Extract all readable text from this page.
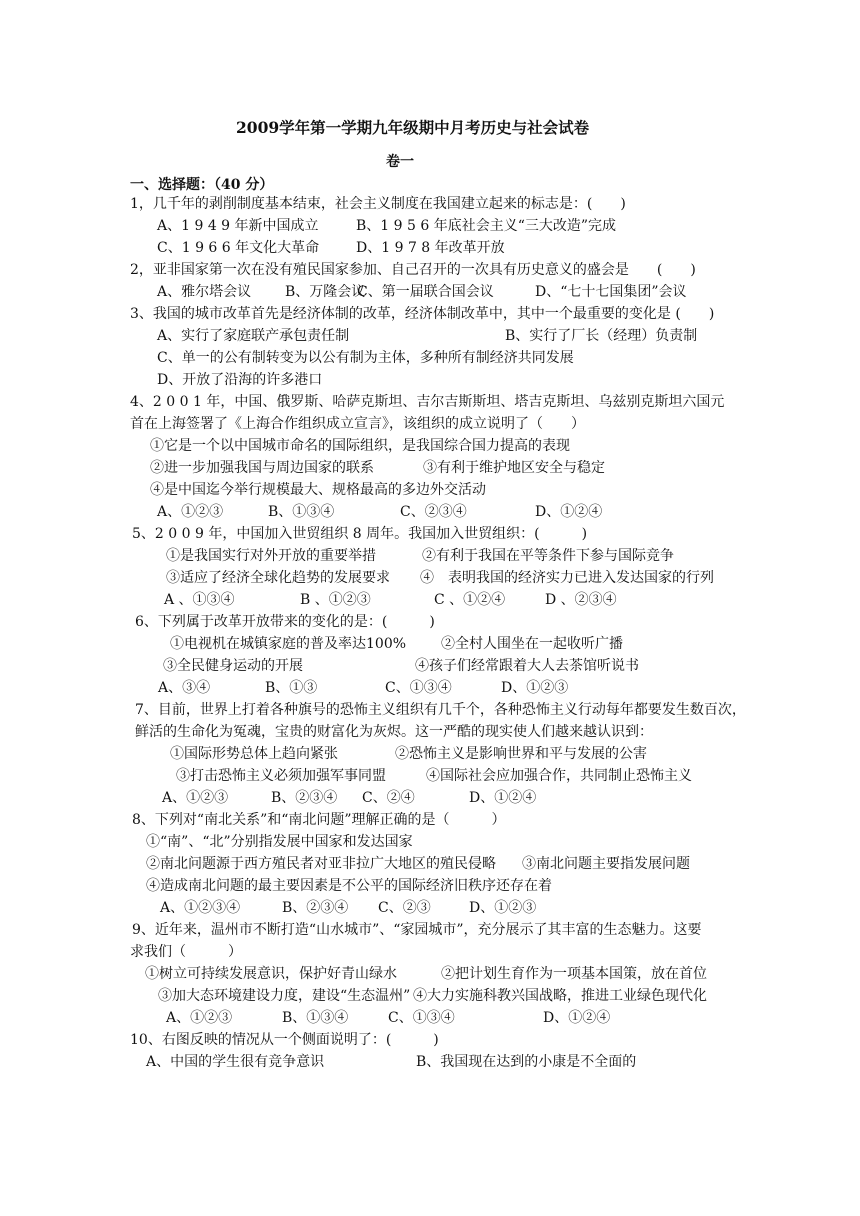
2009学年第一学期九年级期中月考历史与社会试卷
卷一
一、选择题：（40 分）
1，几千年的剥削制度基本结束，社会主义制度在我国建立起来的标志是：(　　)
A、1 9 4 9 年新中国成立	B、1 9 5 6 年底社会主义“三大改造”完成
C、1 9 6 6 年文化大革命	D、1 9 7 8 年改革开放
2，亚非国家第一次在没有殖民国家参加、自己召开的一次具有历史意义的盛会是　　(　　)
A、雅尔塔会议 B、万隆会议
C、第一届联合国会议	D、“七十七国集团”会议
3、我国的城市改革首先是经济体制的改革，经济体制改革中，其中一个最重要的变化是 (　　)
A、实行了家庭联产承包责任制	B、实行了厂长（经理）负责制
C、单一的公有制转变为以公有制为主体，多种所有制经济共同发展
D、开放了沿海的许多港口
4、2 0 0 1 年，中国、俄罗斯、哈萨克斯坦、吉尔吉斯斯坦、塔吉克斯坦、乌兹别克斯坦六国元
首在上海签署了《上海合作组织成立宣言》，该组织的成立说明了（　　）
①它是一个以中国城市命名的国际组织，是我国综合国力提高的表现
②进一步加强我国与周边国家的联系	③有利于维护地区安全与稳定
④是中国迄今举行规模最大、规格最高的多边外交活动
A、①②③	B、①③④	C、②③④	D、①②④
5、2 0 0 9 年，中国加入世贸组织 8 周年。我国加入世贸组织：(　　　)
①是我国实行对外开放的重要举措	②有利于我国在平等条件下参与国际竞争
③适应了经济全球化趋势的发展要求 ④　表明我国的经济实力已进入发达国家的行列
A 、①③④	B 、①②③	C 、①②④	D 、②③④
6、下列属于改革开放带来的变化的是：(　　　)
①电视机在城镇家庭的普及率达100% ②全村人围坐在一起收听广播
③全民健身运动的开展	④孩子们经常跟着大人去茶馆听说书
A、③④	B、①③	C、①③④	D、①②③
7、目前，世界上打着各种旗号的恐怖主义组织有几千个，各种恐怖主义行动每年都要发生数百次，
鲜活的生命化为冤魂，宝贵的财富化为灰烬。这一严酷的现实使人们越来越认识到：
①国际形势总体上趋向紧张	②恐怖主义是影响世界和平与发展的公害
③打击恐怖主义必须加强军事同盟	④国际社会应加强合作，共同制止恐怖主义
A、①②③	B、②③④ C、②④	D、①②④
8、下列对“南北关系”和“南北问题”理解正确的是（　　　）
①“南”、“北”分别指发展中国家和发达国家
②南北问题源于西方殖民者对亚非拉广大地区的殖民侵略 ③南北问题主要指发展问题
④造成南北问题的最主要因素是不公平的国际经济旧秩序还存在着
A、①②③④	B、②③④ C、②③	D、①②③
9、近年来，温州市不断打造“山水城市”、“家园城市”，充分展示了其丰富的生态魅力。这要
求我们（　　　）
①树立可持续发展意识，保护好青山绿水	②把计划生育作为一项基本国策，放在首位
③加大态环境建设力度，建设“生态温州” ④大力实施科教兴国战略，推进工业绿色现代化
A、①②③	B、①③④	C、①③④	D、①②④
10、右图反映的情况从一个侧面说明了：(　　　)
A、中国的学生很有竞争意识	B、我国现在达到的小康是不全面的
